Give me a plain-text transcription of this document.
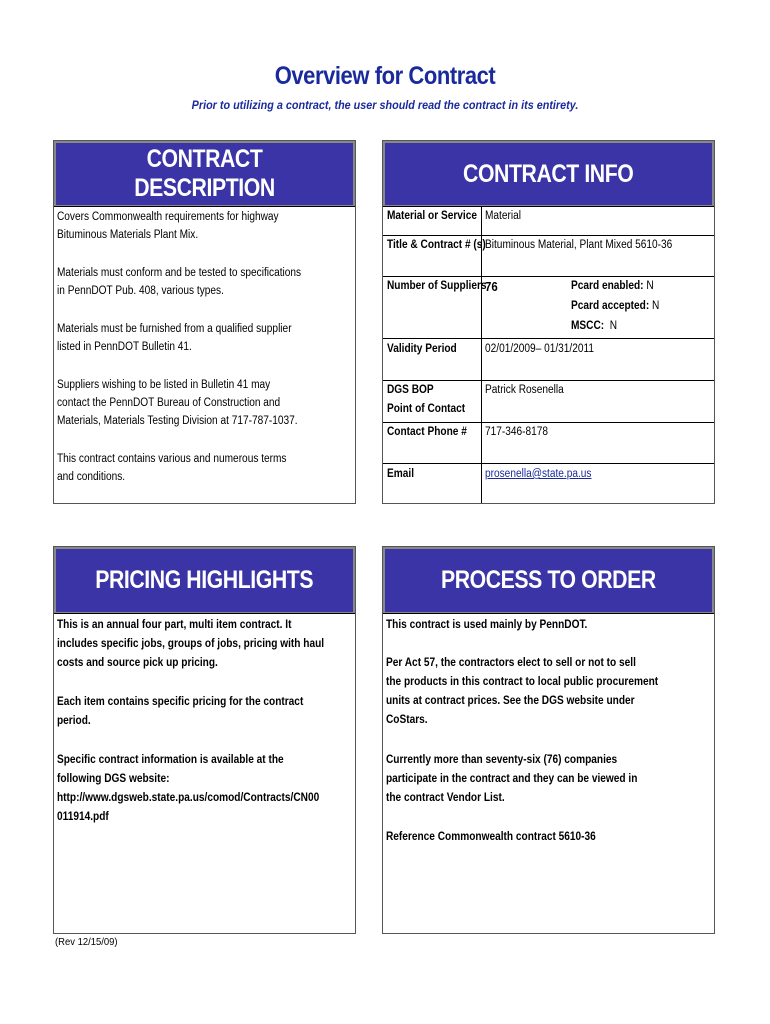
Overview for Contract
Prior to utilizing a contract, the user should read the contract in its entirety.
CONTRACT DESCRIPTION
Covers Commonwealth requirements for highway
Bituminous Materials Plant Mix.
Materials must conform and be tested to specifications
in PennDOT Pub. 408, various types.
Materials must be furnished from a qualified supplier
listed in PennDOT Bulletin 41.
Suppliers wishing to be listed in Bulletin 41 may
contact the PennDOT Bureau of Construction and
Materials, Materials Testing Division at 717-787-1037.
This contract contains various and numerous terms
and conditions.
CONTRACT INFO
Material or Service Material
Title & Contract # (s) Bituminous Material, Plant Mixed 5610-36
Number of Suppliers
76	Pcard enabled: N
Pcard accepted: N
MSCC: N
Validity Period 02/01/2009– 01/31/2011
DGS BOP
Point of Contact
Patrick Rosenella
Contact Phone # 717-346-8178
Email	prosenella@state.pa.us
PRICING HIGHLIGHTS
This is an annual four part, multi item contract. It
includes specific jobs, groups of jobs, pricing with haul
costs and source pick up pricing.
Each item contains specific pricing for the contract
period.
Specific contract information is available at the
following DGS website:
http://www.dgsweb.state.pa.us/comod/Contracts/CN00
011914.pdf
PROCESS TO ORDER
This contract is used mainly by PennDOT.
Per Act 57, the contractors elect to sell or not to sell
the products in this contract to local public procurement
units at contract prices. See the DGS website under
CoStars.
Currently more than seventy-six (76) companies
participate in the contract and they can be viewed in
the contract Vendor List.
Reference Commonwealth contract 5610-36
(Rev 12/15/09)
